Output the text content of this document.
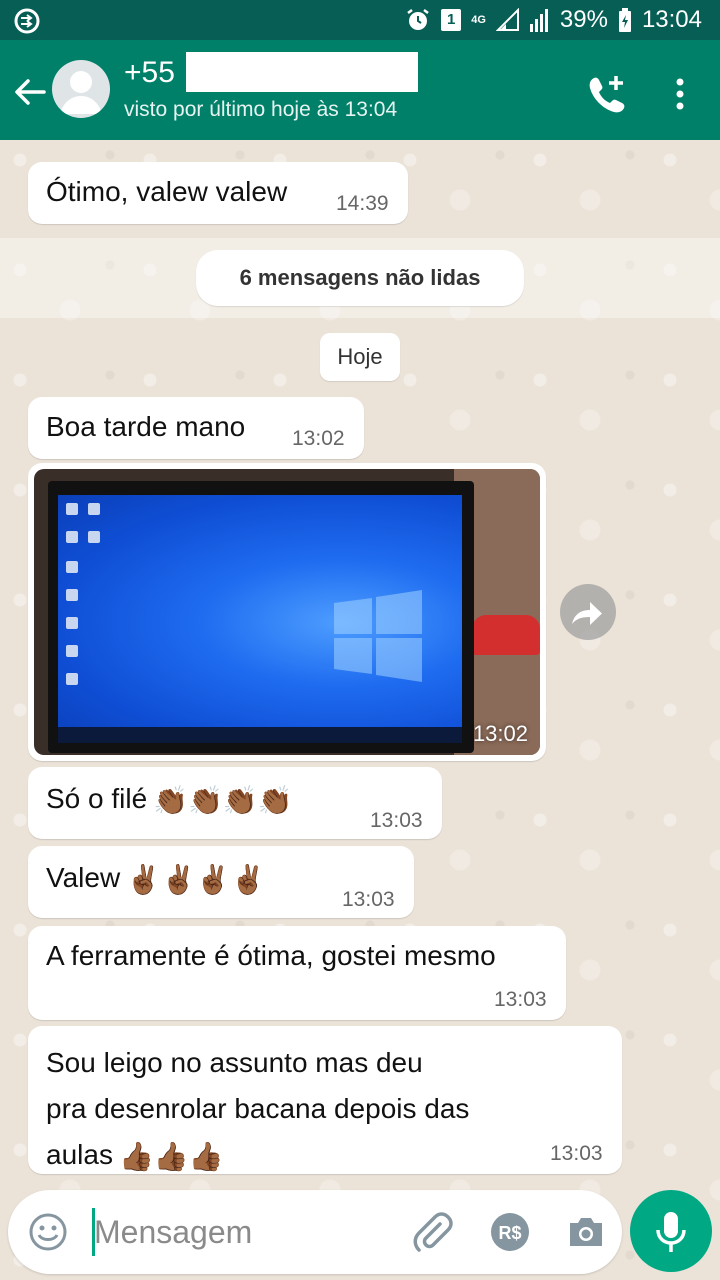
1	4G	39% 13:04
+55
visto por último hoje às 13:04
Ótimo, valew valew 14:39
6 mensagens não lidas
Hoje
Boa tarde mano 13:02
13:02
Só o filé 👏🏾👏🏾👏🏾👏🏾
13:03
Valew ✌🏾✌🏾✌🏾✌🏾
13:03
A ferramente é ótima, gostei mesmo
13:03
Sou leigo no assunto mas deu
pra desenrolar bacana depois das
aulas 👍🏾👍🏾👍🏾	13:03
Mensagem
R$
